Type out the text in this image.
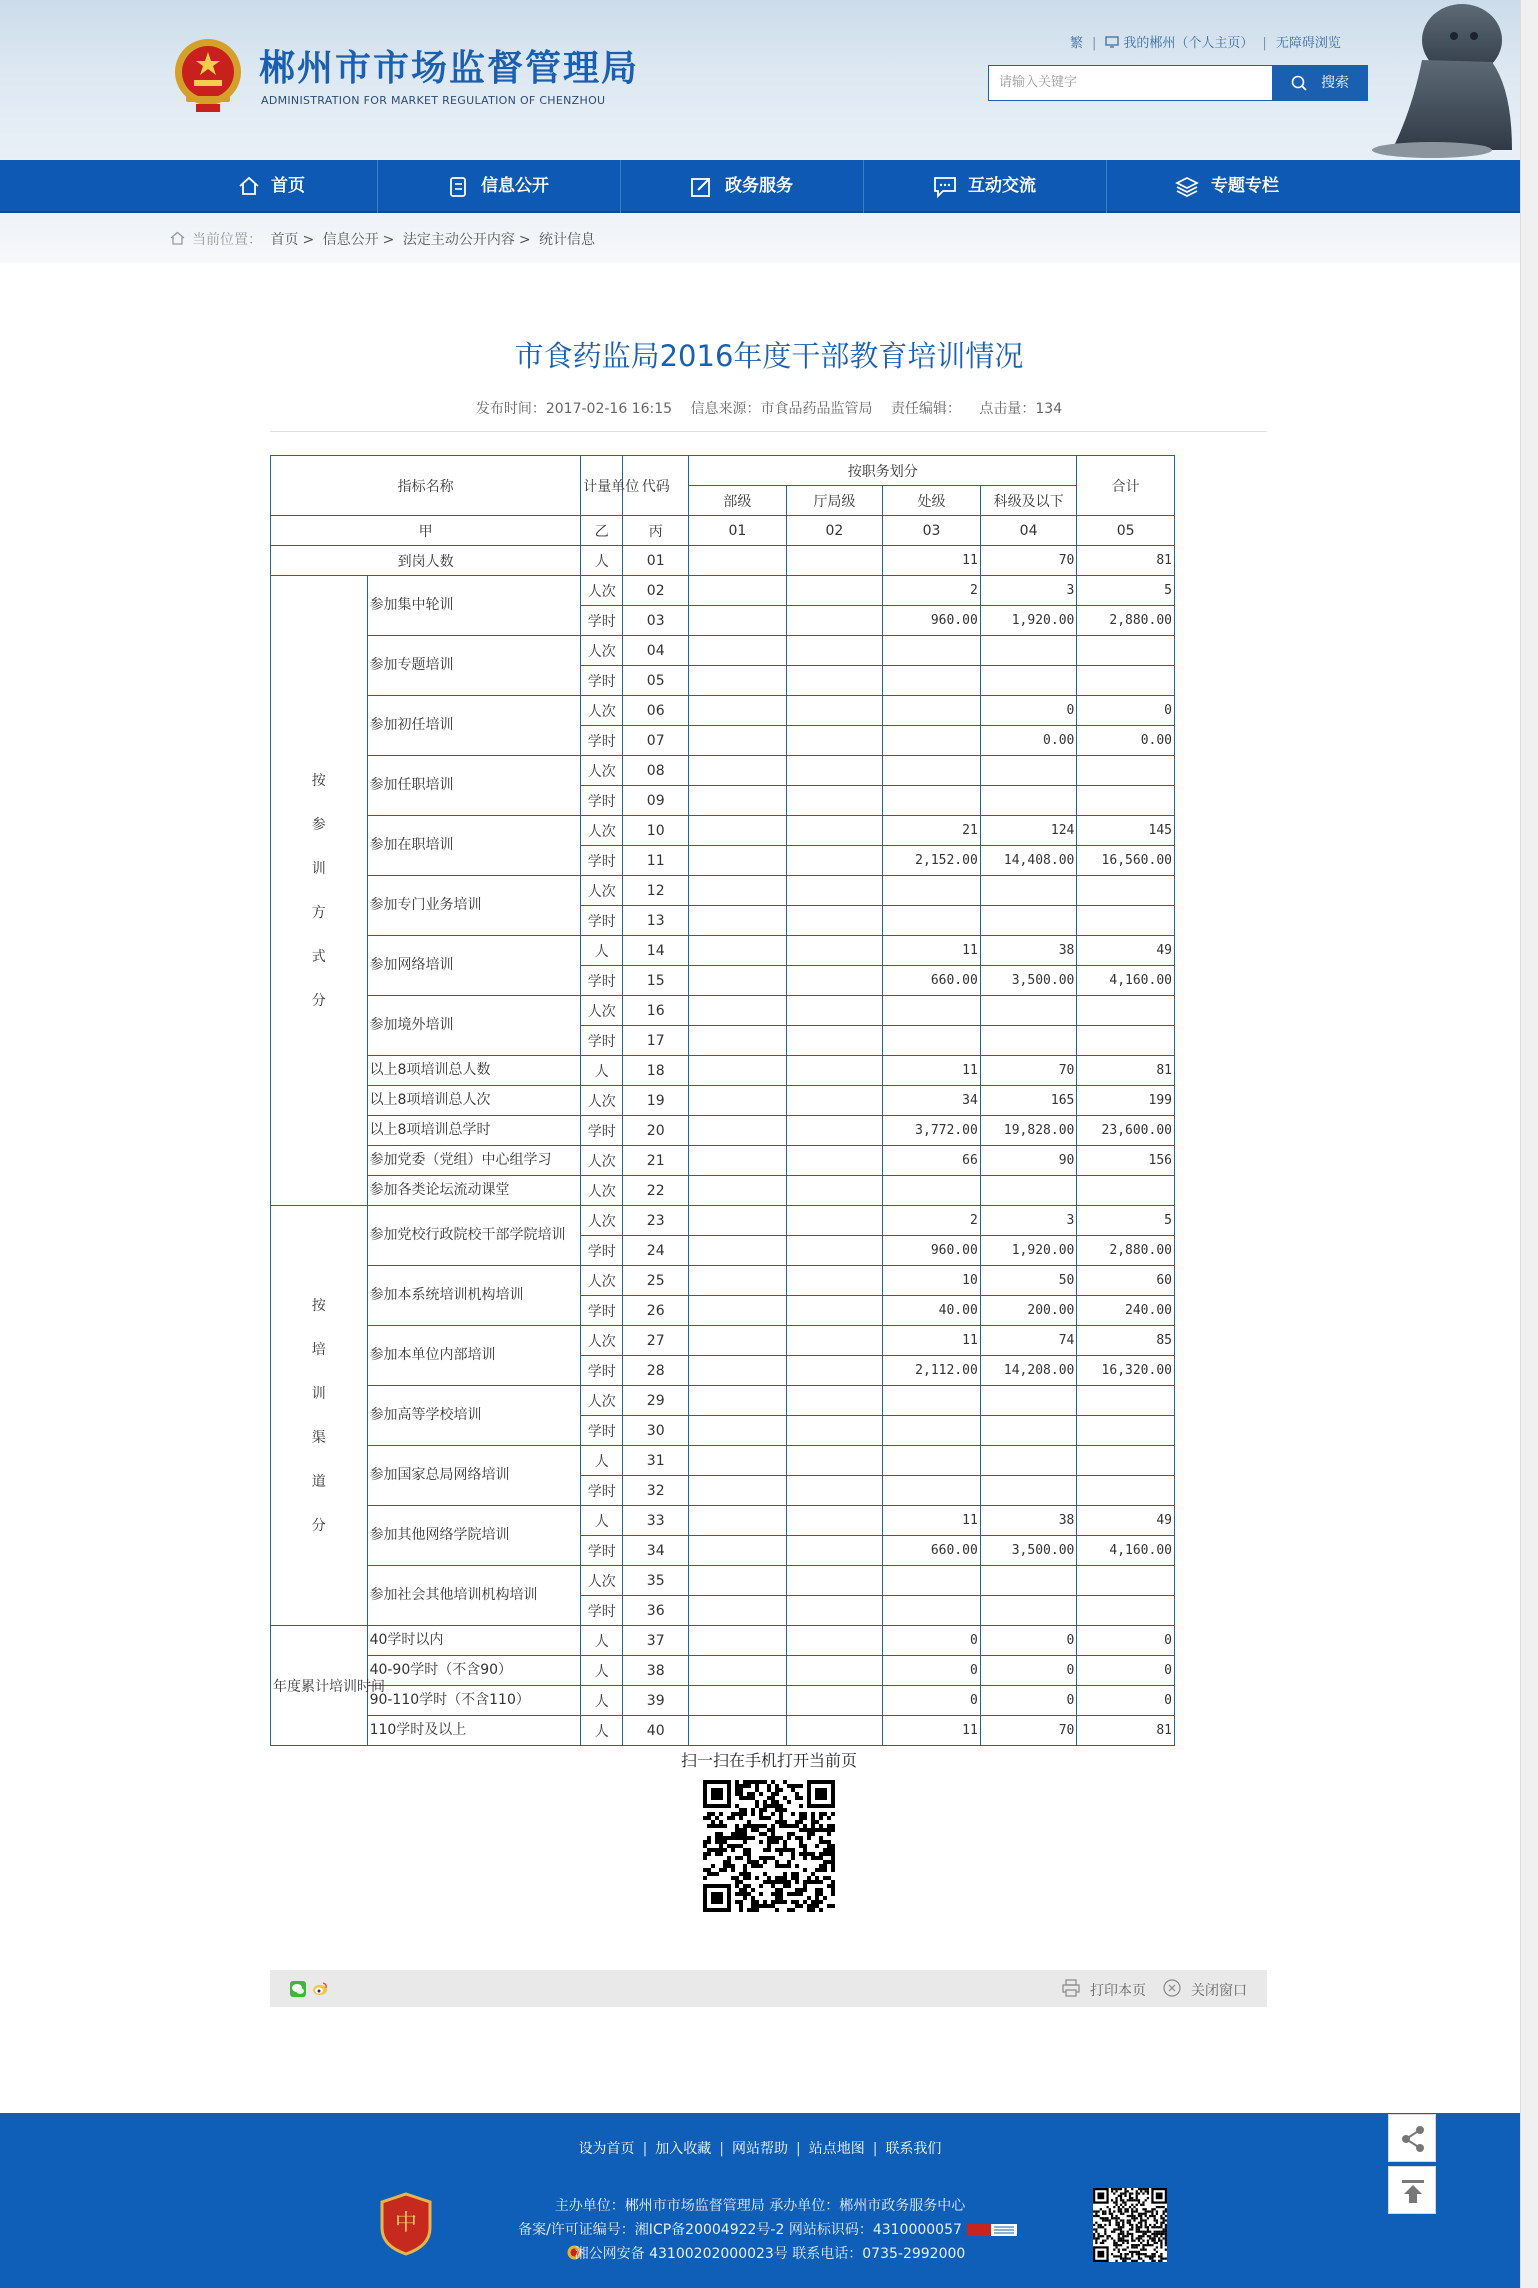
郴州市市场监督管理局
ADMINISTRATION FOR MARKET REGULATION OF CHENZHOU
繁 | 我的郴州（个人主页） | 无障碍浏览
请输入关键字	搜索
首页	信息公开	政务服务	互动交流	专题专栏
当前位置： 首页 > 信息公开 > 法定主动公开内容 > 统计信息
市食药监局2016年度干部教育培训情况
发布时间：2017-02-16 16:15 信息来源：市食品药品监管局 责任编辑： 点击量：134
指标名称		计量单位	代码	按职务划分				合计
				部级	厅局级	处级	科级及以下	
甲		乙	丙	01	02	03	04	05
到岗人数		人	01			11	70	81
按参训方式分	参加集中轮训	人次	02			2	3	5
		学时	03			960.00	1,920.00	2,880.00
	参加专题培训	人次	04					
		学时	05					
	参加初任培训	人次	06				0	0
		学时	07				0.00	0.00
	参加任职培训	人次	08					
		学时	09					
	参加在职培训	人次	10			21	124	145
		学时	11			2,152.00	14,408.00	16,560.00
	参加专门业务培训	人次	12					
		学时	13					
	参加网络培训	人	14			11	38	49
		学时	15			660.00	3,500.00	4,160.00
	参加境外培训	人次	16					
		学时	17					
	以上8项培训总人数	人	18			11	70	81
	以上8项培训总人次	人次	19			34	165	199
	以上8项培训总学时	学时	20			3,772.00	19,828.00	23,600.00
	参加党委（党组）中心组学习	人次	21			66	90	156
	参加各类论坛流动课堂	人次	22					
按培训渠道分	参加党校行政院校干部学院培训	人次	23			2	3	5
		学时	24			960.00	1,920.00	2,880.00
	参加本系统培训机构培训	人次	25			10	50	60
		学时	26			40.00	200.00	240.00
	参加本单位内部培训	人次	27			11	74	85
		学时	28			2,112.00	14,208.00	16,320.00
	参加高等学校培训	人次	29					
		学时	30					
	参加国家总局网络培训	人	31					
		学时	32					
	参加其他网络学院培训	人	33			11	38	49
		学时	34			660.00	3,500.00	4,160.00
	参加社会其他培训机构培训	人次	35					
		学时	36					
年度累计培训时间	40学时以内	人	37			0	0	0
	40-90学时（不含90）	人	38			0	0	0
	90-110学时（不含110）	人	39			0	0	0
	110学时及以上	人	40			11	70	81
扫一扫在手机打开当前页
打印本页	关闭窗口
设为首页 | 加入收藏 | 网站帮助 | 站点地图 | 联系我们
中
主办单位：郴州市市场监督管理局 承办单位：郴州市政务服务中心
备案/许可证编号：湘ICP备20004922号-2 网站标识码：4310000057
湘公网安备 43100202000023号 联系电话：0735-2992000
